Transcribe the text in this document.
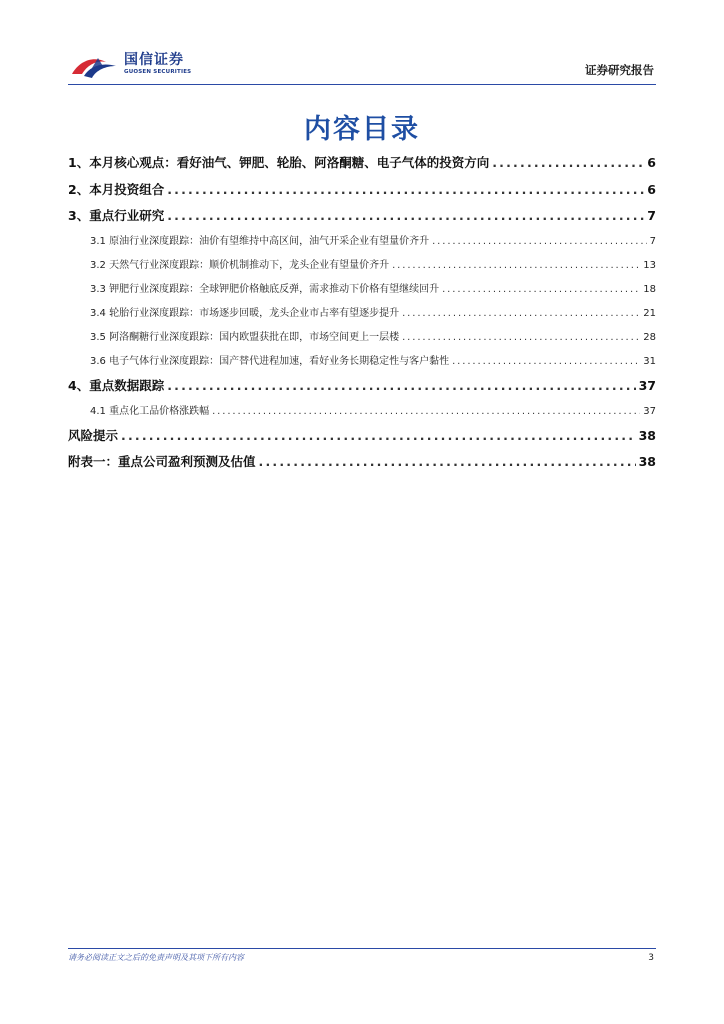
国信证券
GUOSEN SECURITIES	证券研究报告
内容目录
1、本月核心观点：看好油气、钾肥、轮胎、阿洛酮糖、电子气体的投资方向 .....	6
2、本月投资组合 .....	6
3、重点行业研究 .....	7
3.1 原油行业深度跟踪：油价有望维持中高区间，油气开采企业有望量价齐升 .....	7
3.2 天然气行业深度跟踪：顺价机制推动下，龙头企业有望量价齐升 .....	13
3.3 钾肥行业深度跟踪：全球钾肥价格触底反弹，需求推动下价格有望继续回升 .....	18
3.4 轮胎行业深度跟踪：市场逐步回暖，龙头企业市占率有望逐步提升 .....	21
3.5 阿洛酮糖行业深度跟踪：国内欧盟获批在即，市场空间更上一层楼 .....	28
3.6 电子气体行业深度跟踪：国产替代进程加速，看好业务长期稳定性与客户黏性 .....	31
4、重点数据跟踪 .....	37
4.1 重点化工品价格涨跌幅 .....	37
风险提示 .....	38
附表一：重点公司盈利预测及估值 .....	38
请务必阅读正文之后的免责声明及其项下所有内容	3
